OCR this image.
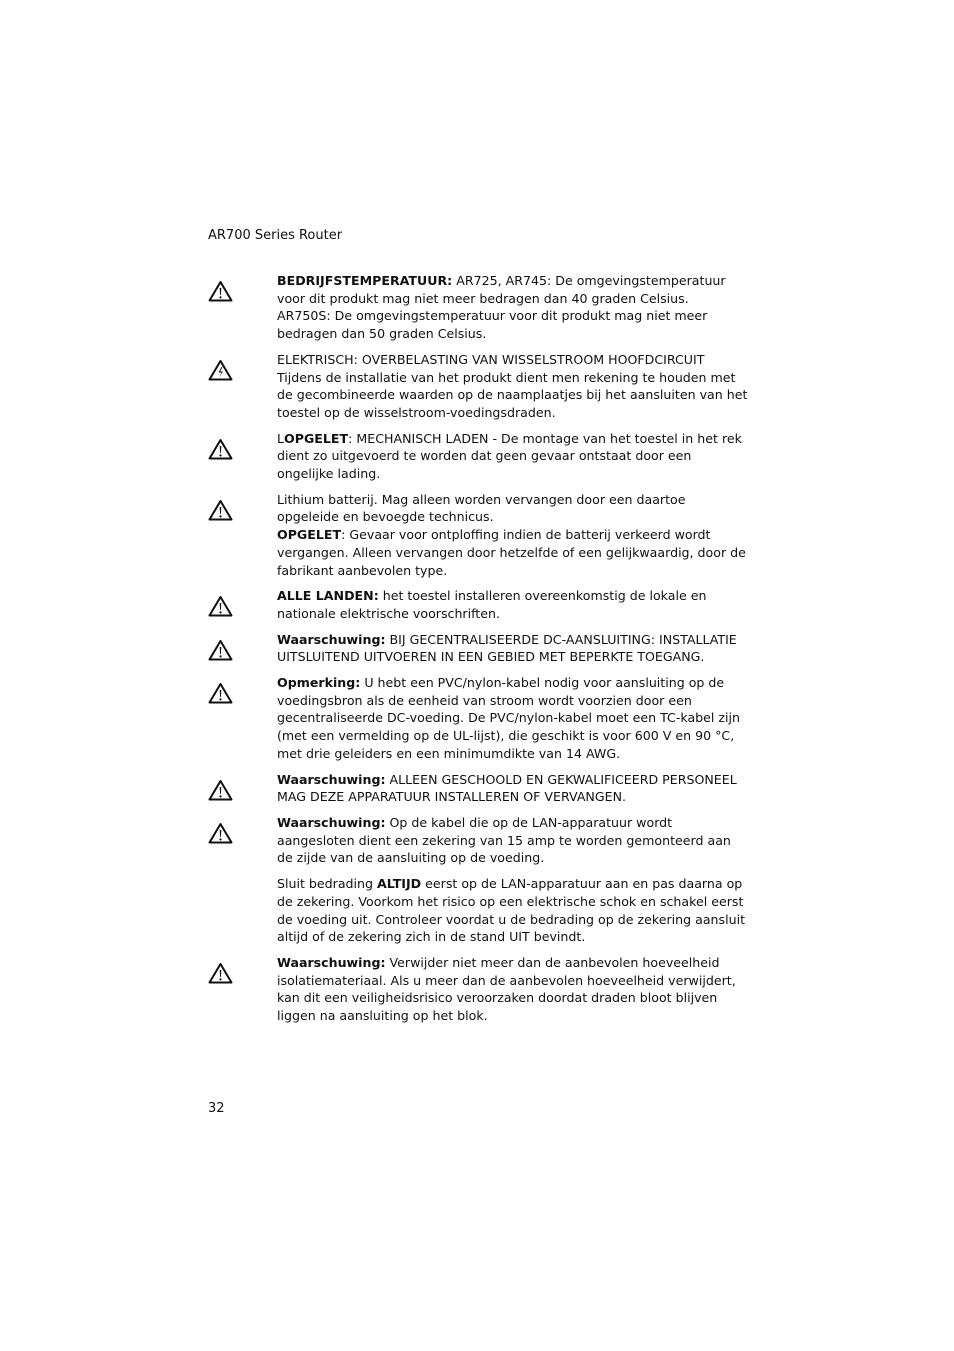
AR700 Series Router

BEDRIJFSTEMPERATUUR: AR725, AR745: De omgevingstemperatuur voor dit produkt mag niet meer bedragen dan 40 graden Celsius.

AR750S: De omgevingstemperatuur voor dit produkt mag niet meer bedragen dan 50 graden Celsius.

ELEKTRISCH: OVERBELASTING VAN WISSELSTROOM HOOFDCIRCUIT

Tijdens de installatie van het produkt dient men rekening te houden met de gecombineerde waarden op de naamplaatjes bij het aansluiten van het toestel op de wisselstroom-voedingsdraden.

LOPGELET: MECHANISCH LADEN - De montage van het toestel in het rek dient zo uitgevoerd te worden dat geen gevaar ontstaat door een ongelijke lading.

Lithium batterij. Mag alleen worden vervangen door een daartoe opgeleide en bevoegde technicus.

OPGELET: Gevaar voor ontploffing indien de batterij verkeerd wordt vergangen. Alleen vervangen door hetzelfde of een gelijkwaardig, door de fabrikant aanbevolen type.

ALLE LANDEN: het toestel installeren overeenkomstig de lokale en nationale elektrische voorschriften.

Waarschuwing: BIJ GECENTRALISEERDE DC-AANSLUITING: INSTALLATIE UITSLUITEND UITVOEREN IN EEN GEBIED MET BEPERKTE TOEGANG.

Opmerking: U hebt een PVC/nylon-kabel nodig voor aansluiting op de voedingsbron als de eenheid van stroom wordt voorzien door een gecentraliseerde DC-voeding. De PVC/nylon-kabel moet een TC-kabel zijn (met een vermelding op de UL-lijst), die geschikt is voor 600 V en 90 °C, met drie geleiders en een minimumdikte van 14 AWG.

Waarschuwing: ALLEEN GESCHOOLD EN GEKWALIFICEERD PERSONEEL MAG DEZE APPARATUUR INSTALLEREN OF VERVANGEN.

Waarschuwing: Op de kabel die op de LAN-apparatuur wordt aangesloten dient een zekering van 15 amp te worden gemonteerd aan de zijde van de aansluiting op de voeding.

Sluit bedrading ALTIJD eerst op de LAN-apparatuur aan en pas daarna op de zekering. Voorkom het risico op een elektrische schok en schakel eerst de voeding uit. Controleer voordat u de bedrading op de zekering aansluit altijd of de zekering zich in de stand UIT bevindt.

Waarschuwing: Verwijder niet meer dan de aanbevolen hoeveelheid isolatiemateriaal. Als u meer dan de aanbevolen hoeveelheid verwijdert, kan dit een veiligheidsrisico veroorzaken doordat draden bloot blijven liggen na aansluiting op het blok.

32
